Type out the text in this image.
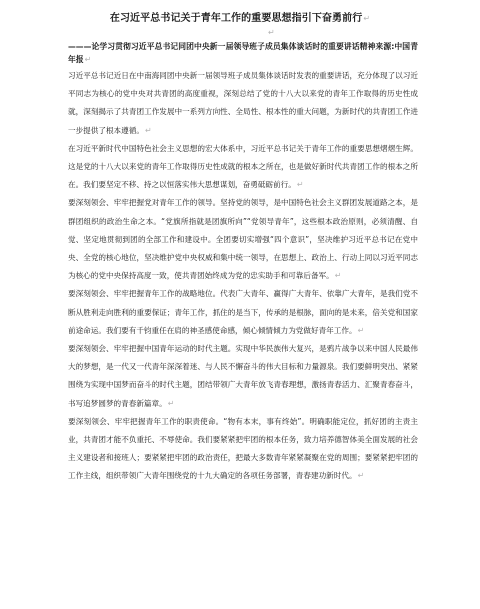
在习近平总书记关于青年工作的重要思想指引下奋勇前行↵
↵

———论学习贯彻习近平总书记同团中央新一届领导班子成员集体谈话时的重要讲话精神来源:中国青年报↵

习近平总书记近日在中南海同团中央新一届领导班子成员集体谈话时发表的重要讲话，充分体现了以习近平同志为核心的党中央对共青团的高度重视，深刻总结了党的十八大以来党的青年工作取得的历史性成就，深刻揭示了共青团工作发展中一系列方向性、全局性、根本性的重大问题，为新时代的共青团工作进一步提供了根本遵循。↵

在习近平新时代中国特色社会主义思想的宏大体系中，习近平总书记关于青年工作的重要思想熠熠生辉。这是党的十八大以来党的青年工作取得历史性成就的根本之所在，也是做好新时代共青团工作的根本之所在。我们要坚定不移、持之以恒落实伟大思想谋划，奋勇砥砺前行。↵

要深刻领会、牢牢把握党对青年工作的领导。坚持党的领导，是中国特色社会主义群团发展道路之本，是群团组织的政治生命之本。“党旗所指就是团旗所向”“党领导青年”，这些根本政治原则，必须清醒、自觉、坚定地贯彻到团的全部工作和建设中。全团要切实增强“四个意识”，坚决维护习近平总书记在党中央、全党的核心地位，坚决维护党中央权威和集中统一领导，在思想上、政治上、行动上同以习近平同志为核心的党中央保持高度一致，使共青团始终成为党的忠实助手和可靠后备军。↵

要深刻领会、牢牢把握青年工作的战略地位。代表广大青年、赢得广大青年、依靠广大青年，是我们党不断从胜利走向胜利的重要保证；青年工作，抓住的是当下，传承的是根脉，面向的是未来，倍关党和国家前途命运。我们要有千钧重任在肩的神圣感使命感，倾心倾情倾力为党做好青年工作。↵

要深刻领会、牢牢把握中国青年运动的时代主题。实现中华民族伟大复兴，是鸦片战争以来中国人民最伟大的梦想，是一代又一代青年深深着迷、与人民不懈奋斗的伟大目标和力量源泉。我们要鲜明突出、紧紧围绕为实现中国梦而奋斗的时代主题，团结带领广大青年放飞青春理想，激扬青春活力、汇聚青春奋斗，书写追梦圆梦的青春新篇章。↵

要深刻领会、牢牢把握青年工作的职责使命。“物有本末，事有终始”。明确职能定位，抓好团的主责主业，共青团才能不负重托、不辱使命。我们要紧紧把牢团的根本任务，致力培养德智体美全面发展的社会主义建设者和接班人；要紧紧把牢团的政治责任，把最大多数青年紧紧凝聚在党的周围；要紧紧把牢团的工作主线，组织带领广大青年围绕党的十九大确定的各项任务部署，青春建功新时代。↵
